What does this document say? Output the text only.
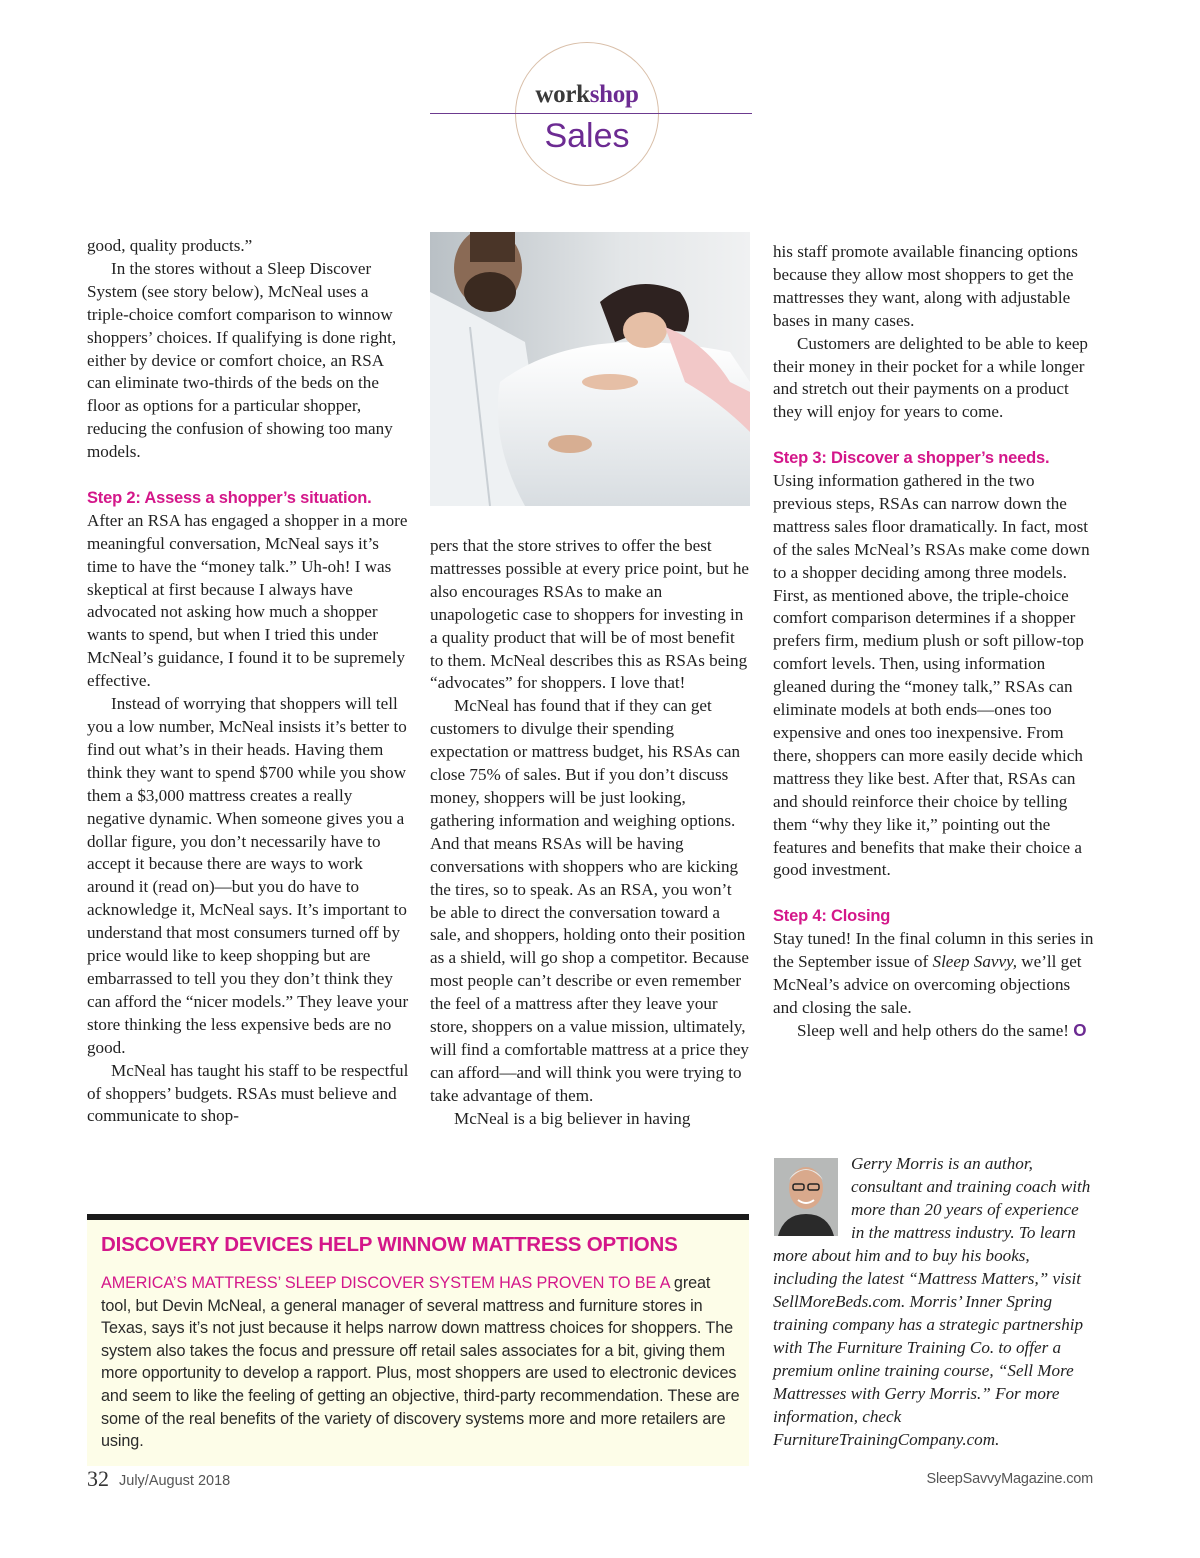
workshop
Sales

good, quality products.”

In the stores without a Sleep Discover System (see story below), McNeal uses a triple-choice comfort comparison to winnow shoppers’ choices. If qualifying is done right, either by device or comfort choice, an RSA can eliminate two-thirds of the beds on the floor as options for a particular shopper, reducing the confusion of showing too many models.

Step 2: Assess a shopper’s situation.

After an RSA has engaged a shopper in a more meaningful conversation, McNeal says it’s time to have the “money talk.” Uh-oh! I was skeptical at first because I always have advocated not asking how much a shopper wants to spend, but when I tried this under McNeal’s guidance, I found it to be supremely effective.

Instead of worrying that shoppers will tell you a low number, McNeal insists it’s better to find out what’s in their heads. Having them think they want to spend $700 while you show them a $3,000 mattress creates a really negative dynamic. When someone gives you a dollar figure, you don’t necessarily have to accept it because there are ways to work around it (read on)—but you do have to acknowledge it, McNeal says. It’s important to understand that most consumers turned off by price would like to keep shopping but are embarrassed to tell you they don’t think they can afford the “nicer models.” They leave your store thinking the less expensive beds are no good.

McNeal has taught his staff to be respectful of shoppers’ budgets. RSAs must believe and communicate to shop-

pers that the store strives to offer the best mattresses possible at every price point, but he also encourages RSAs to make an unapologetic case to shoppers for investing in a quality product that will be of most benefit to them. McNeal describes this as RSAs being “advocates” for shoppers. I love that!

McNeal has found that if they can get customers to divulge their spending expectation or mattress budget, his RSAs can close 75% of sales. But if you don’t discuss money, shoppers will be just looking, gathering information and weighing options. And that means RSAs will be having conversations with shoppers who are kicking the tires, so to speak. As an RSA, you won’t be able to direct the conversation toward a sale, and shoppers, holding onto their position as a shield, will go shop a competitor. Because most people can’t describe or even remember the feel of a mattress after they leave your store, shoppers on a value mission, ultimately, will find a comfortable mattress at a price they can afford—and will think you were trying to take advantage of them.

McNeal is a big believer in having

his staff promote available financing options because they allow most shoppers to get the mattresses they want, along with adjustable bases in many cases.

Customers are delighted to be able to keep their money in their pocket for a while longer and stretch out their payments on a product they will enjoy for years to come.

Step 3: Discover a shopper’s needs.

Using information gathered in the two previous steps, RSAs can narrow down the mattress sales floor dramatically. In fact, most of the sales McNeal’s RSAs make come down to a shopper deciding among three models. First, as mentioned above, the triple-choice comfort comparison determines if a shopper prefers firm, medium plush or soft pillow-top comfort levels. Then, using information gleaned during the “money talk,” RSAs can eliminate models at both ends—ones too expensive and ones too inexpensive. From there, shoppers can more easily decide which mattress they like best. After that, RSAs can and should reinforce their choice by telling them “why they like it,” pointing out the features and benefits that make their choice a good investment.

Step 4: Closing

Stay tuned! In the final column in this series in the September issue of Sleep Savvy, we’ll get McNeal’s advice on overcoming objections and closing the sale.

Sleep well and help others do the same! O

Gerry Morris is an author, consultant and training coach with more than 20 years of experience in the mattress industry. To learn more about him and to buy his books, including the latest “Mattress Matters,” visit SellMoreBeds.com. Morris’ Inner Spring training company has a strategic partnership with The Furniture Training Co. to offer a premium online training course, “Sell More Mattresses with Gerry Morris.” For more information, check FurnitureTrainingCompany.com.

DISCOVERY DEVICES HELP WINNOW MATTRESS OPTIONS
AMERICA’S MATTRESS’ SLEEP DISCOVER SYSTEM HAS PROVEN TO BE A great tool, but Devin McNeal, a general manager of several mattress and furniture stores in Texas, says it’s not just because it helps narrow down mattress choices for shoppers. The system also takes the focus and pressure off retail sales associates for a bit, giving them more opportunity to develop a rapport. Plus, most shoppers are used to electronic devices and seem to like the feeling of getting an objective, third-party recommendation. These are some of the real benefits of the variety of discovery systems more and more retailers are using.
32 July/August 2018	SleepSavvyMagazine.com
